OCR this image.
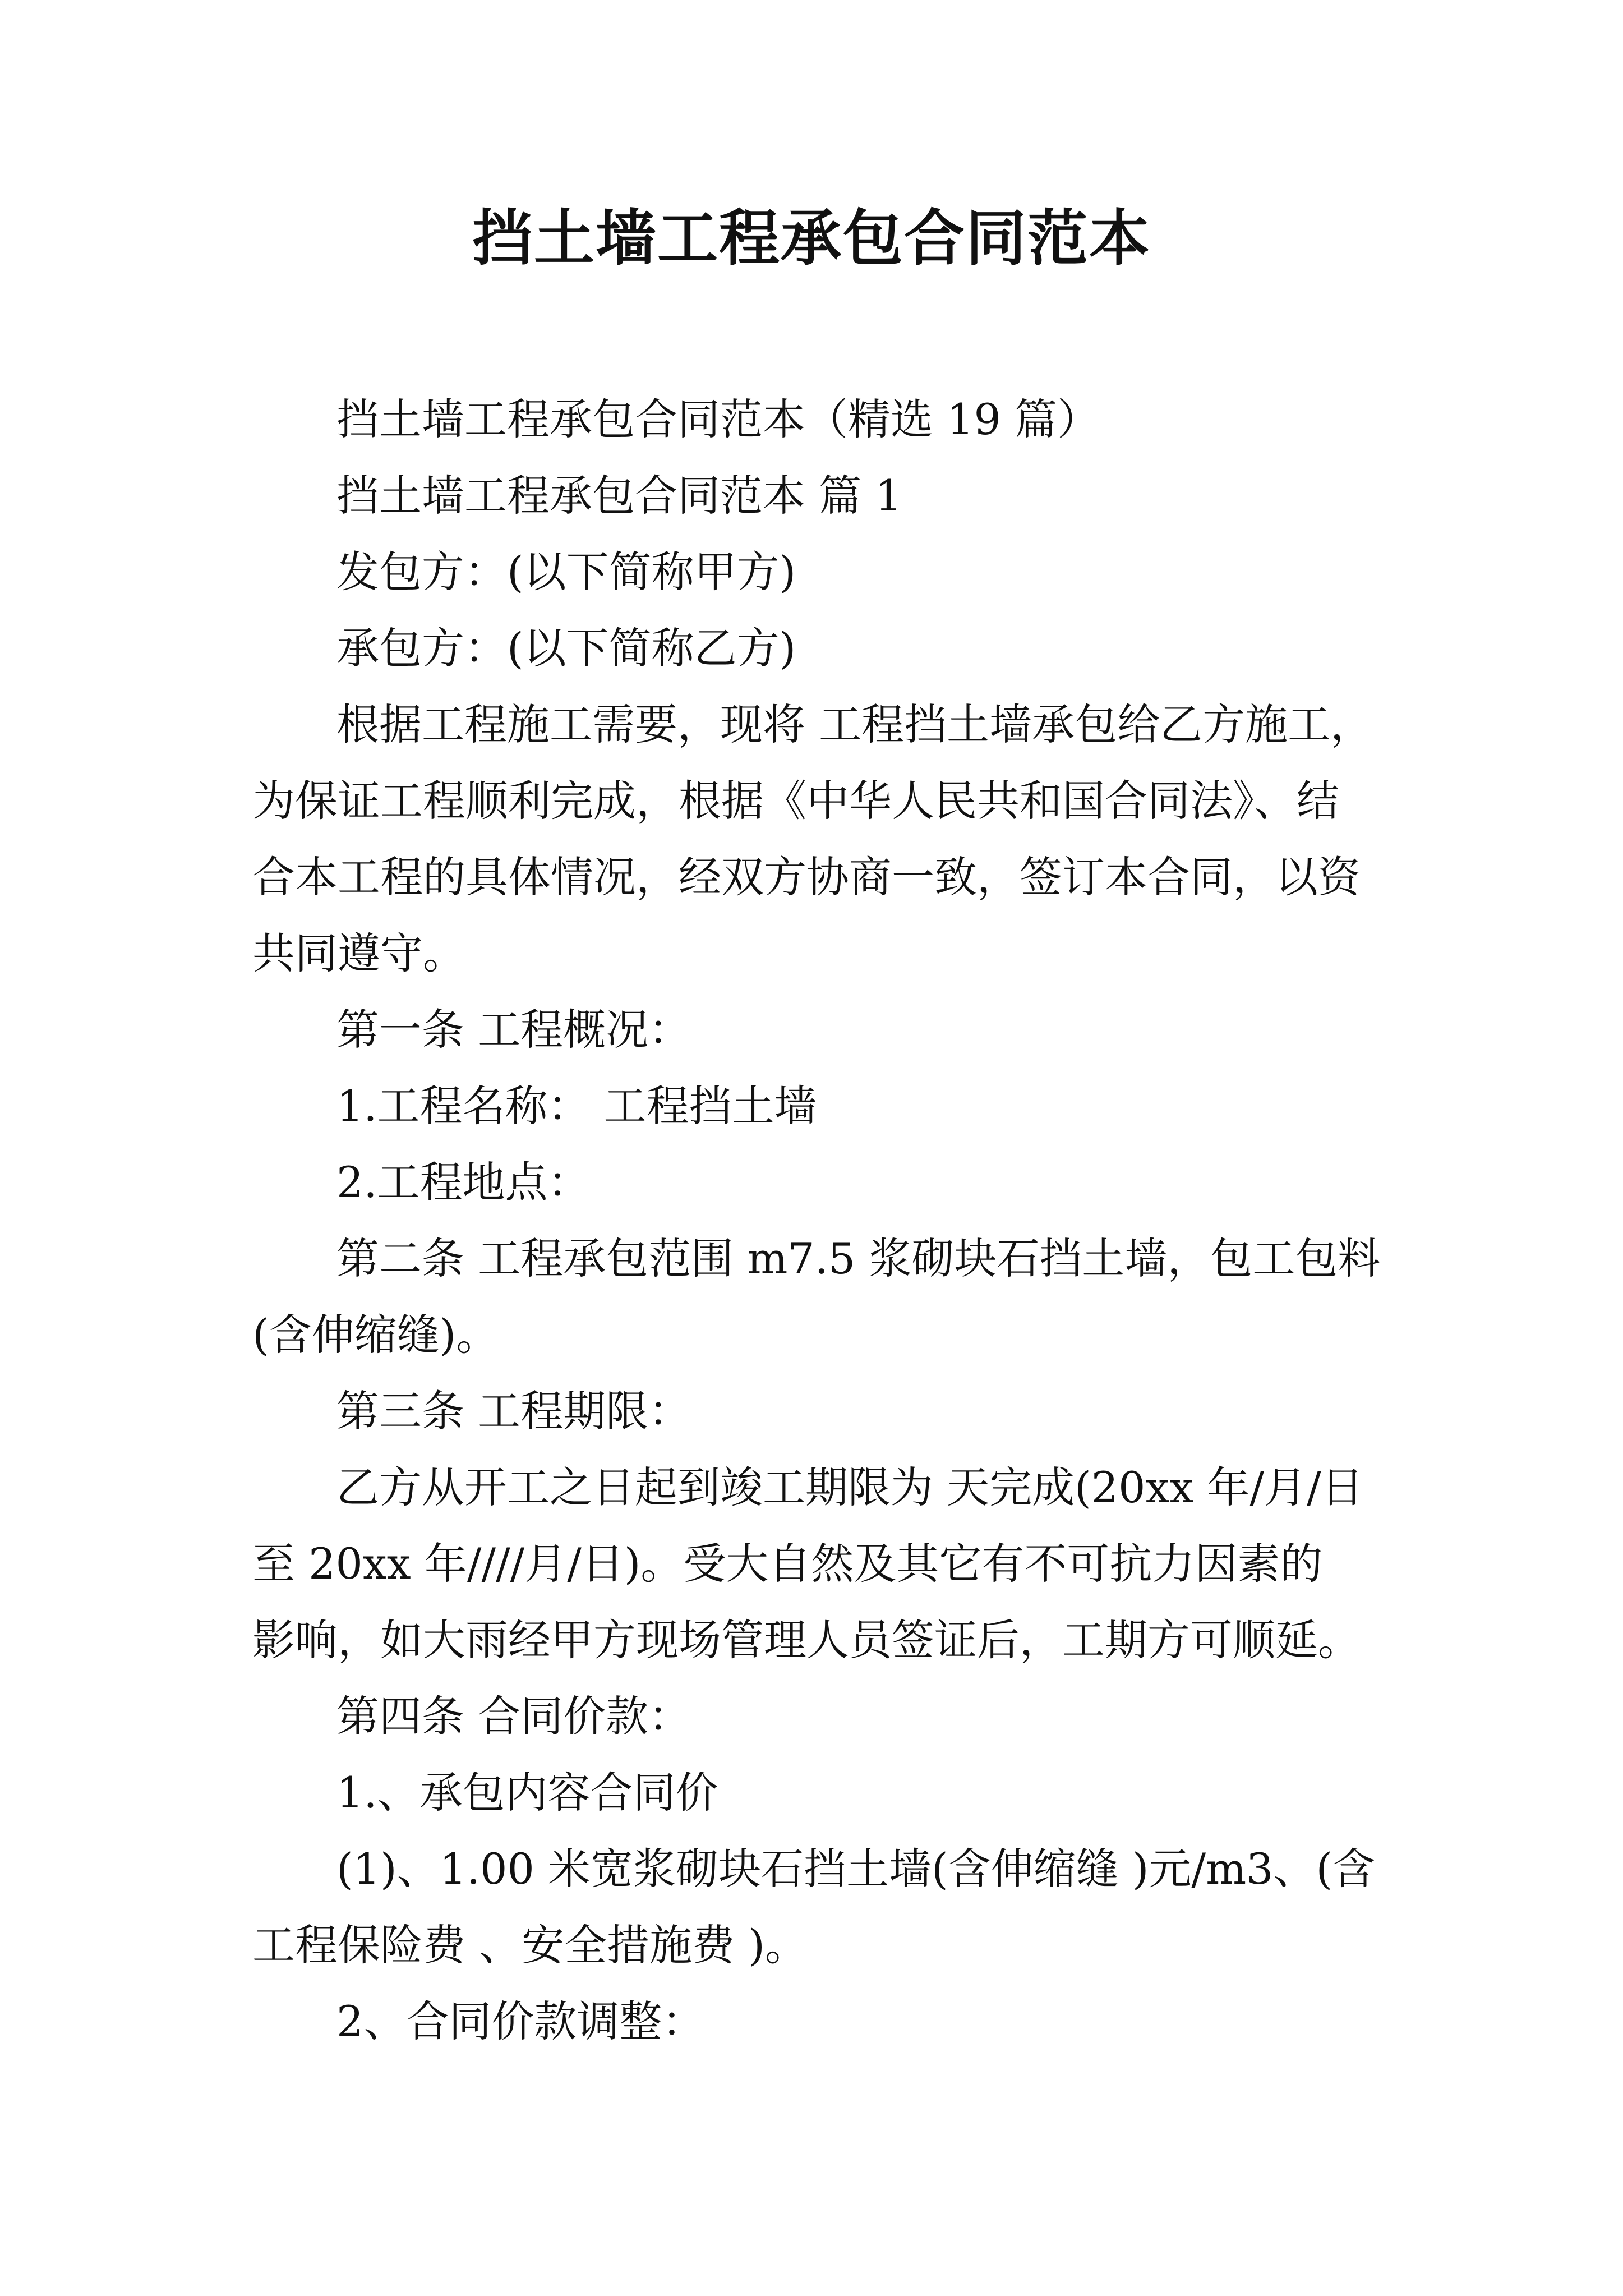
挡土墙工程承包合同范本

挡土墙工程承包合同范本（精选 19 篇）

挡土墙工程承包合同范本 篇 1

发包方：(以下简称甲方)

承包方：(以下简称乙方)

根据工程施工需要，现将 工程挡土墙承包给乙方施工，

为保证工程顺利完成，根据《中华人民共和国合同法》、结

合本工程的具体情况，经双方协商一致，签订本合同，以资

共同遵守。

第一条 工程概况：

1.工程名称： 工程挡土墙

2.工程地点：

第二条 工程承包范围 m7.5 浆砌块石挡土墙，包工包料

(含伸缩缝)。

第三条 工程期限：

乙方从开工之日起到竣工期限为 天完成(20xx 年/月/日

至 20xx 年////月/日)。受大自然及其它有不可抗力因素的

影响，如大雨经甲方现场管理人员签证后，工期方可顺延。

第四条 合同价款：

1.、承包内容合同价

(1)、1.00 米宽浆砌块石挡土墙(含伸缩缝 )元/m3、(含

工程保险费 、安全措施费 )。

2、合同价款调整：
